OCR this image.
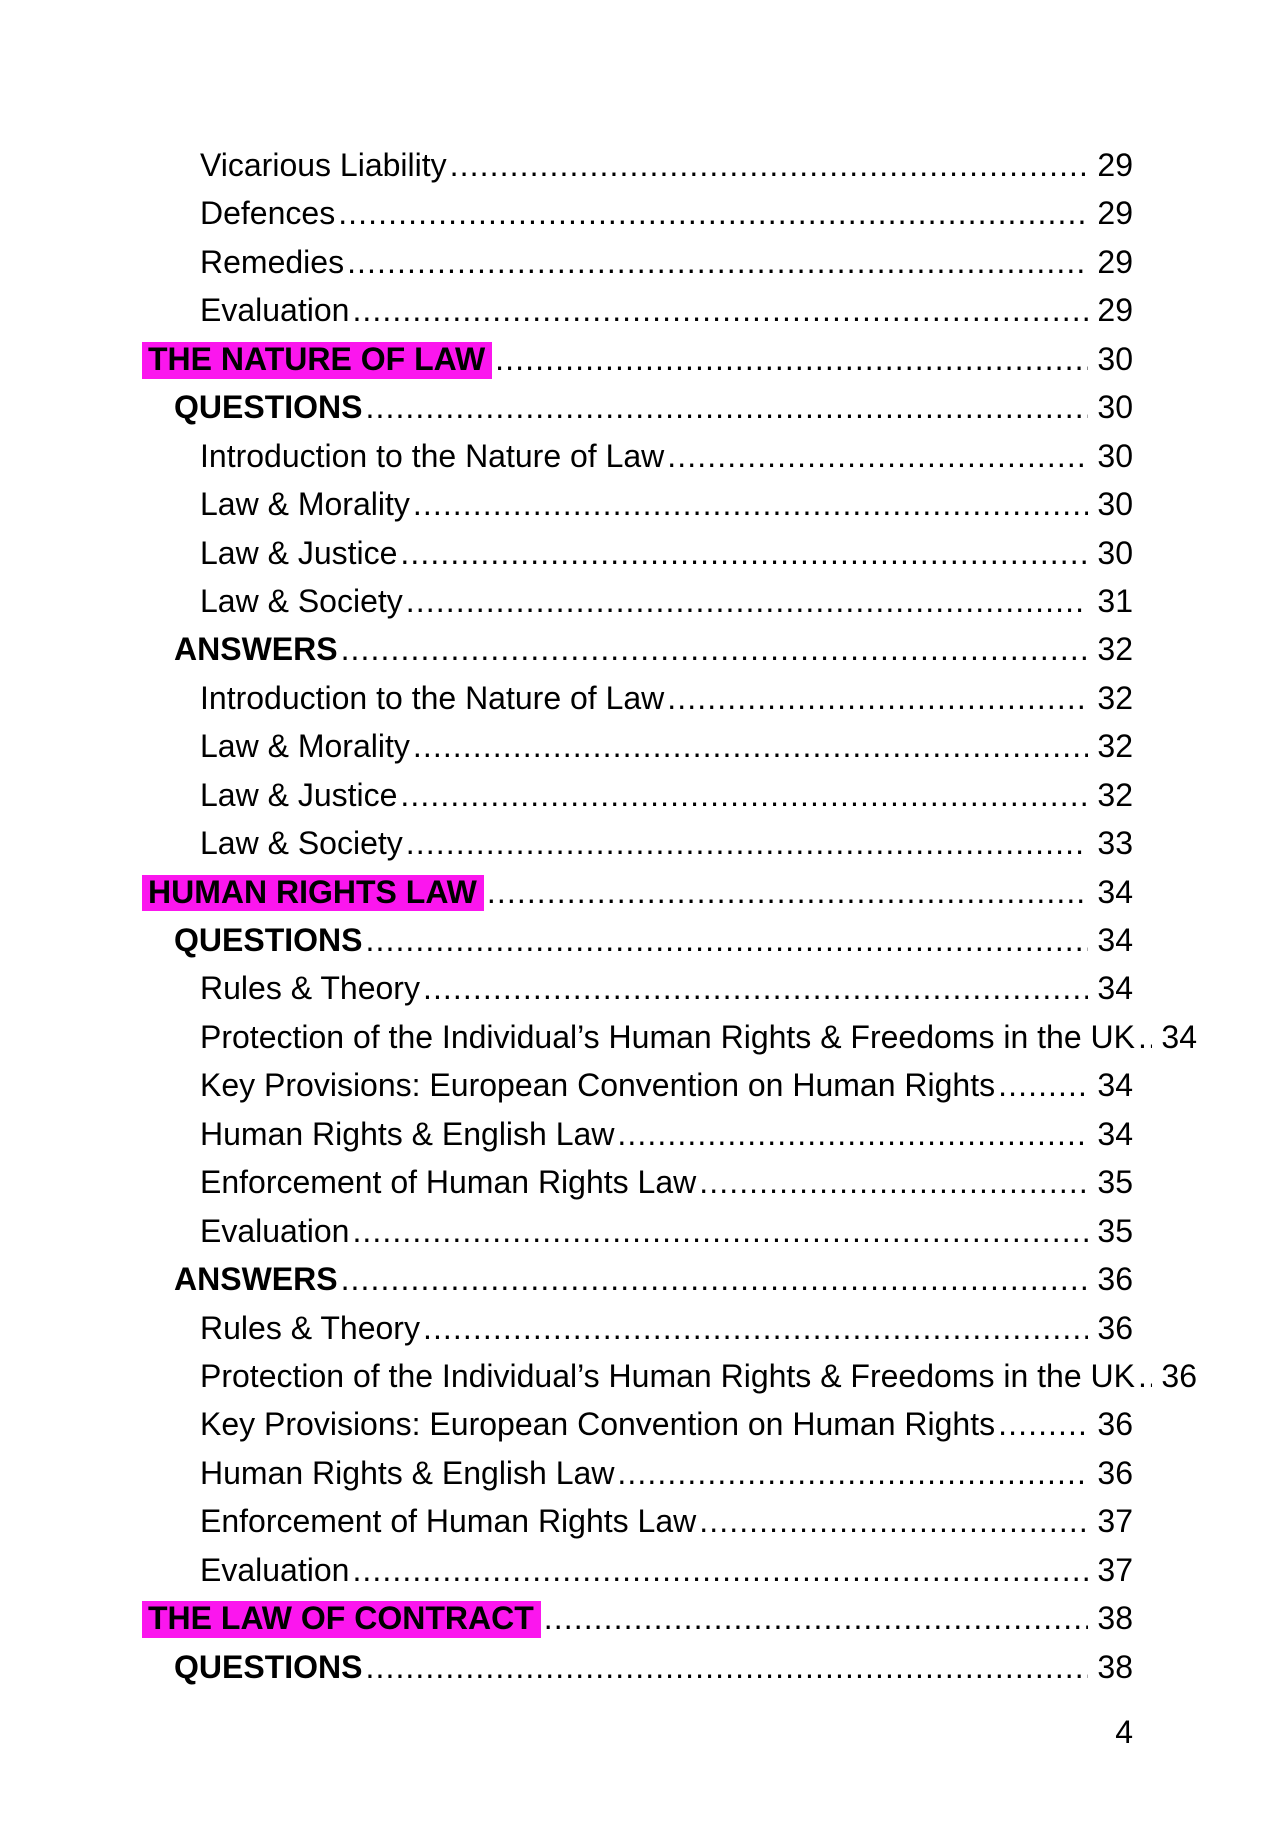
Vicarious Liability .....	29
Defences .....	29
Remedies .....	29
Evaluation .....	29
THE NATURE OF LAW .....	30
QUESTIONS .....	30
Introduction to the Nature of Law .....	30
Law & Morality .....	30
Law & Justice .....	30
Law & Society .....	31
ANSWERS .....	32
Introduction to the Nature of Law .....	32
Law & Morality .....	32
Law & Justice .....	32
Law & Society .....	33
HUMAN RIGHTS LAW .....	34
QUESTIONS .....	34
Rules & Theory .....	34
Protection of the Individual’s Human Rights & Freedoms in the UK ..... 34
Key Provisions: European Convention on Human Rights .....	34
Human Rights & English Law .....	34
Enforcement of Human Rights Law .....	35
Evaluation .....	35
ANSWERS .....	36
Rules & Theory .....	36
Protection of the Individual’s Human Rights & Freedoms in the UK ..... 36
Key Provisions: European Convention on Human Rights .....	36
Human Rights & English Law .....	36
Enforcement of Human Rights Law .....	37
Evaluation .....	37
THE LAW OF CONTRACT .....	38
QUESTIONS .....	38
4
